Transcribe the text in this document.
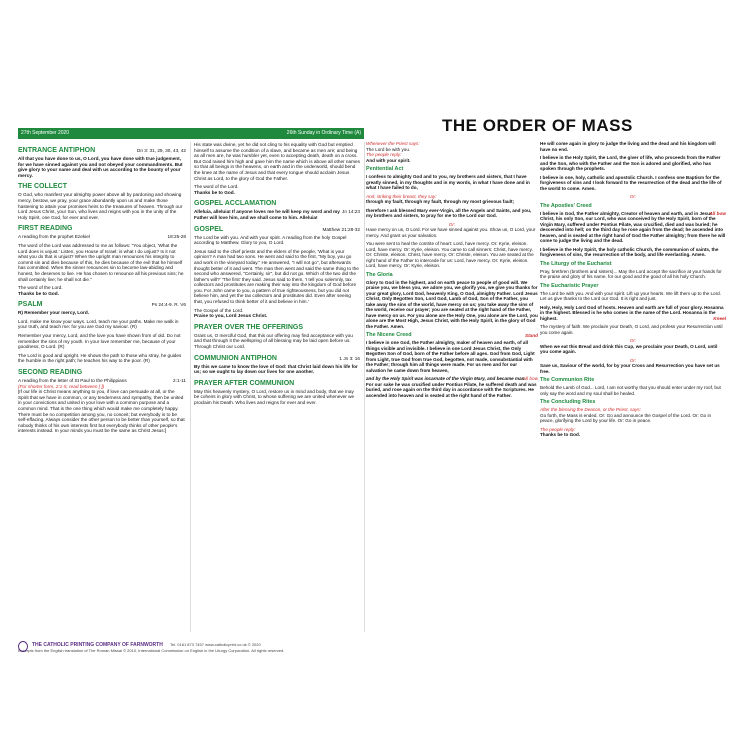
27th September 2020	26th Sunday in Ordinary Time (A)	THE ORDER OF MASS
ENTRANCE ANTIPHON	Dn 3: 31, 29, 30, 43, 42

All that you have done to us, O Lord, you have done with true judgement, for we have sinned against you and not obeyed your commandments. But give glory to your name and deal with us according to the bounty of your mercy.

THE COLLECT

O God, who manifest your almighty power above all by pardoning and showing mercy, bestow, we pray, your grace abundantly upon us and make those hastening to attain your promises heirs to the treasures of heaven. Through our Lord Jesus Christ, your Son, who lives and reigns with you in the unity of the Holy Spirit, one God, for ever and ever.

FIRST READING

A reading from the prophet Ezekiel	18:25-28

The word of the Lord was addressed to me as follows: "You object, 'What the Lord does is unjust.' Listen, you House of Israel: is what I do unjust? Is it not what you do that is unjust? When the upright man renounces his integrity to commit sin and dies because of this, he dies because of the evil that he himself has committed. When the sinner renounces sin to become law-abiding and honest, he deserves to live. He has chosen to renounce all his previous sins; he shall certainly live; he shall not die."

The word of the Lord.

Thanks be to God.

PSALM	Ps 24:4-9. R. V6

R) Remember your mercy, Lord.

Lord, make me know your ways. Lord, teach me your paths. Make me walk in your truth, and teach me: for you are God my saviour. (R)

Remember your mercy, Lord, and the love you have shown from of old. Do not remember the sins of my youth. In your love remember me, because of your goodness, O Lord. (R)

The Lord is good and upright. He shows the path to those who stray, he guides the humble in the right path; he teaches his way to the poor. (R)

SECOND READING
A reading from the letter of St Paul to the Philippians	2:1-11
(For shorter form, 2:1-5, read between [ ])

[If our life in Christ means anything to you, if love can persuade at all, or the Spirit that we have in common, or any tenderness and sympathy, then be united in your convictions and united in your love with a common purpose and a common mind. That is the one thing which would make me completely happy. There must be no competition among you, no conceit; but everybody is to be self-effacing. Always consider the other person to be better than yourself, so that nobody thinks of his own interests first but everybody thinks of other people's interests instead. In your minds you must be the same as Christ Jesus:]

His state was divine, yet he did not cling to his equality with God but emptied himself to assume the condition of a slave, and became as men are; and being as all men are, he was humbler yet, even to accepting death, death on a cross. But God raised him high and gave him the name which is above all other names so that all beings in the heavens, on earth and in the underworld, should bend the knee at the name of Jesus and that every tongue should acclaim Jesus Christ as Lord, to the glory of God the Father.

The word of the Lord.

Thanks be to God.

GOSPEL ACCLAMATION

Jn 14:23
Alleluia, alleluia! If anyone loves me he will keep my word and my Father will love him, and we shall come to him. Alleluia!

GOSPEL	Matthew 21:28-32

The Lord be with you. And with your spirit. A reading from the holy Gospel according to Matthew. Glory to you, O Lord.

Jesus said to the chief priests and the elders of the people, 'What is your opinion? A man had two sons. He went and said to the first, "My boy, you go and work in the vineyard today." He answered, "I will not go", but afterwards thought better of it and went. The man then went and said the same thing to the second who answered, "Certainly, sir", but did not go. Which of the two did the father's will?' 'The first' they said. Jesus said to them, 'I tell you solemnly, tax collectors and prostitutes are making their way into the kingdom of God before you. For John came to you, a pattern of true righteousness, but you did not believe him, and yet the tax collectors and prostitutes did. Even after seeing that, you refused to think better of it and believe in him.'

The Gospel of the Lord.

Praise to you, Lord Jesus Christ.

PRAYER OVER THE OFFERINGS

Grant us, O merciful God, that this our offering may find acceptance with you and that through it the wellspring of all blessing may be laid open before us. Through Christ our Lord.

COMMUNION ANTIPHON	1 Jn 3: 16

By this we came to know the love of God: that Christ laid down his life for us; so we ought to lay down our lives for one another.

PRAYER AFTER COMMUNION

May this heavenly mystery, O Lord, restore us in mind and body, that we may be coheirs in glory with Christ, to whose suffering we are united whenever we proclaim his Death. Who lives and reigns for ever and ever.

Whenever the Priest says:
The Lord be with you.
The people reply:
And with your spirit.
Penitential Act

I confess to almighty God and to you, my brothers and sisters, that I have greatly sinned, in my thoughts and in my words, in what I have done and in what I have failed to do,

And, striking their breast, they say:

through my fault, through my fault, through my most grievous fault;

therefore I ask blessed Mary ever-Virgin, all the Angels and Saints, and you, my brothers and sisters, to pray for me to the Lord our God.

Or:

Have mercy on us, O Lord. For we have sinned against you. Show us, O Lord, your mercy. And grant us your salvation.

You were sent to heal the contrite of heart: Lord, have mercy. Or: Kyrie, eleison. Lord, have mercy. Or: Kyrie, eleison. You came to call sinners: Christ, have mercy. Or: Christe, eleison. Christ, have mercy. Or: Christe, eleison. You are seated at the right hand of the Father to intercede for us: Lord, have mercy. Or: Kyrie, eleison. Lord, have mercy. Or: Kyrie, eleison.

The Gloria

Glory to God in the highest, and on earth peace to people of good will. We praise you, we bless you, we adore you, we glorify you, we give you thanks for your great glory, Lord God, heavenly King, O God, almighty Father. Lord Jesus Christ, Only Begotten Son, Lord God, Lamb of God, Son of the Father, you take away the sins of the world, have mercy on us; you take away the sins of the world, receive our prayer; you are seated at the right hand of the Father, have mercy on us. For you alone are the Holy One, you alone are the Lord, you alone are the Most High, Jesus Christ, with the Holy Spirit, in the glory of God the Father. Amen.

The Nicene Creed	Stand

I believe in one God, the Father almighty, maker of heaven and earth, of all things visible and invisible. I believe in one Lord Jesus Christ, the Only Begotten Son of God, born of the Father before all ages. God from God, Light from Light, true God from true God, begotten, not made, consubstantial with the Father; through him all things were made. For us men and for our salvation he came down from heaven,

and by the Holy Spirit was incarnate of the Virgin Mary, and became man.
All bow

For our sake he was crucified under Pontius Pilate, he suffered death and was buried, and rose again on the third day in accordance with the Scriptures. He ascended into heaven and is seated at the right hand of the Father.

He will come again in glory to judge the living and the dead and his kingdom will have no end.

I believe in the Holy Spirit, the Lord, the giver of life, who proceeds from the Father and the Son, who with the Father and the Son is adored and glorified, who has spoken through the prophets.

I believe in one, holy, catholic and apostolic Church. I confess one Baptism for the forgiveness of sins and I look forward to the resurrection of the dead and the life of the world to come. Amen.

Or:
The Apostles' Creed

All bow
I believe in God, the Father almighty, Creator of heaven and earth, and in Jesus Christ, his only Son, our Lord, who was conceived by the Holy Spirit, born of the Virgin Mary, suffered under Pontius Pilate, was crucified, died and was buried; he descended into hell; on the third day he rose again from the dead; he ascended into heaven, and is seated at the right hand of God the Father almighty; from there he will come to judge the living and the dead.

I believe in the Holy Spirit, the holy catholic Church, the communion of saints, the forgiveness of sins, the resurrection of the body, and life everlasting. Amen.

The Liturgy of the Eucharist

Pray, brethren (brothers and sisters)... May the Lord accept the sacrifice at your hands for the praise and glory of his name, for our good and the good of all his holy Church.

The Eucharistic Prayer

The Lord be with you. And with your spirit. Lift up your hearts. We lift them up to the Lord. Let us give thanks to the Lord our God. It is right and just.

Holy, Holy, Holy Lord God of hosts. Heaven and earth are full of your glory. Hosanna in the highest. Blessed is he who comes in the name of the Lord. Hosanna in the highest.	Kneel

The mystery of faith. We proclaim your Death, O Lord, and profess your Resurrection until you come again.

Or:

When we eat this Bread and drink this Cup, we proclaim your Death, O Lord, until you come again.

Or:

Save us, Saviour of the world, for by your Cross and Resurrection you have set us free.

The Communion Rite

Behold the Lamb of God... Lord, I am not worthy that you should enter under my roof, but only say the word and my soul shall be healed.

The Concluding Rites
After the blessing the Deacon, or the Priest, says:

Go forth, the Mass is ended. Or: Go and announce the Gospel of the Lord. Or: Go in peace, glorifying the Lord by your life. Or: Go in peace.

The people reply:
Thanks be to God.
THE CATHOLIC PRINTING COMPANY OF FARNWORTH Tel. 0161 873 7457 www.catholicprint.co.uk © 2020
Excerpts from the English translation of The Roman Missal © 2010, International Commission on English in the Liturgy Corporation. All rights reserved.
